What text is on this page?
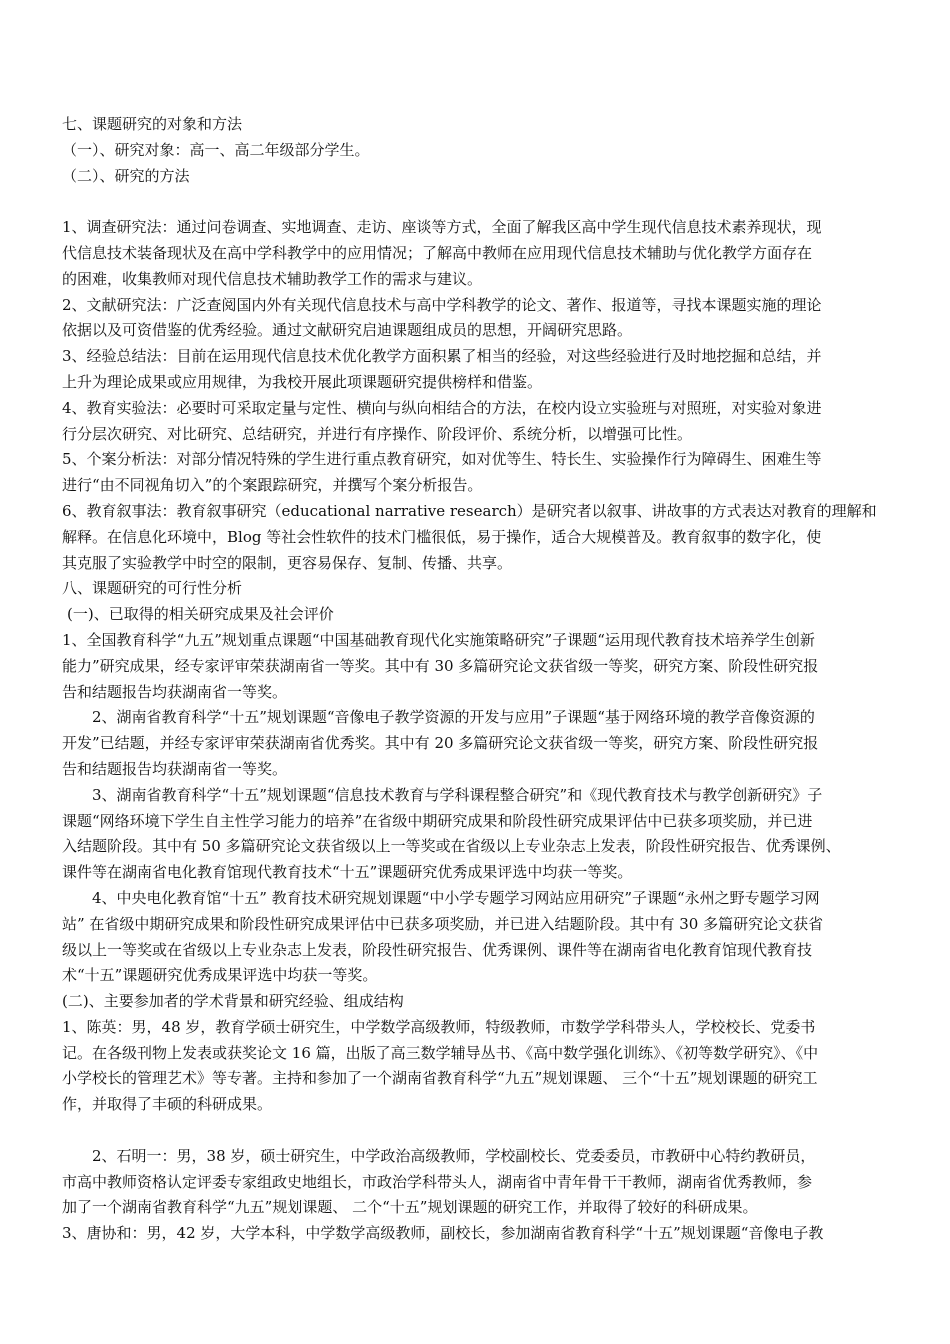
七、课题研究的对象和方法

（一）、研究对象：高一、高二年级部分学生。

（二）、研究的方法

1、调查研究法：通过问卷调查、实地调查、走访、座谈等方式，全面了解我区高中学生现代信息技术素养现状，现

代信息技术装备现状及在高中学科教学中的应用情况；了解高中教师在应用现代信息技术辅助与优化教学方面存在

的困难，收集教师对现代信息技术辅助教学工作的需求与建议。

2、文献研究法：广泛查阅国内外有关现代信息技术与高中学科教学的论文、著作、报道等，寻找本课题实施的理论

依据以及可资借鉴的优秀经验。通过文献研究启迪课题组成员的思想，开阔研究思路。

3、经验总结法：目前在运用现代信息技术优化教学方面积累了相当的经验，对这些经验进行及时地挖掘和总结，并

上升为理论成果或应用规律，为我校开展此项课题研究提供榜样和借鉴。

4、教育实验法：必要时可采取定量与定性、横向与纵向相结合的方法，在校内设立实验班与对照班，对实验对象进

行分层次研究、对比研究、总结研究，并进行有序操作、阶段评价、系统分析，以增强可比性。

5、个案分析法：对部分情况特殊的学生进行重点教育研究，如对优等生、特长生、实验操作行为障碍生、困难生等

进行“由不同视角切入”的个案跟踪研究，并撰写个案分析报告。

6、教育叙事法：教育叙事研究（educational narrative research）是研究者以叙事、讲故事的方式表达对教育的理解和

解释。在信息化环境中，Blog 等社会性软件的技术门槛很低，易于操作，适合大规模普及。教育叙事的数字化，使

其克服了实验教学中时空的限制，更容易保存、复制、传播、共享。

八、课题研究的可行性分析

(一)、已取得的相关研究成果及社会评价

1、全国教育科学“九五”规划重点课题“中国基础教育现代化实施策略研究”子课题“运用现代教育技术培养学生创新

能力”研究成果，经专家评审荣获湖南省一等奖。其中有 30 多篇研究论文获省级一等奖，研究方案、阶段性研究报

告和结题报告均获湖南省一等奖。

2、湖南省教育科学“十五”规划课题“音像电子教学资源的开发与应用”子课题“基于网络环境的教学音像资源的

开发”已结题，并经专家评审荣获湖南省优秀奖。其中有 20 多篇研究论文获省级一等奖，研究方案、阶段性研究报

告和结题报告均获湖南省一等奖。

3、湖南省教育科学“十五”规划课题“信息技术教育与学科课程整合研究”和《现代教育技术与教学创新研究》子

课题“网络环境下学生自主性学习能力的培养”在省级中期研究成果和阶段性研究成果评估中已获多项奖励，并已进

入结题阶段。其中有 50 多篇研究论文获省级以上一等奖或在省级以上专业杂志上发表，阶段性研究报告、优秀课例、

课件等在湖南省电化教育馆现代教育技术“十五”课题研究优秀成果评选中均获一等奖。

4、中央电化教育馆“十五” 教育技术研究规划课题“中小学专题学习网站应用研究”子课题“永州之野专题学习网

站” 在省级中期研究成果和阶段性研究成果评估中已获多项奖励，并已进入结题阶段。其中有 30 多篇研究论文获省

级以上一等奖或在省级以上专业杂志上发表，阶段性研究报告、优秀课例、课件等在湖南省电化教育馆现代教育技

术“十五”课题研究优秀成果评选中均获一等奖。

(二)、主要参加者的学术背景和研究经验、组成结构

1、陈英：男，48 岁，教育学硕士研究生，中学数学高级教师，特级教师，市数学学科带头人，学校校长、党委书

记。在各级刊物上发表或获奖论文 16 篇，出版了高三数学辅导丛书、《高中数学强化训练》、《初等数学研究》、《中

小学校长的管理艺术》等专著。主持和参加了一个湖南省教育科学“九五”规划课题、 三个“十五”规划课题的研究工

作，并取得了丰硕的科研成果。

2、石明一：男，38 岁，硕士研究生，中学政治高级教师，学校副校长、党委委员，市教研中心特约教研员，

市高中教师资格认定评委专家组政史地组长，市政治学科带头人，湖南省中青年骨干干教师，湖南省优秀教师，参

加了一个湖南省教育科学“九五”规划课题、 二个“十五”规划课题的研究工作，并取得了较好的科研成果。

3、唐协和：男，42 岁，大学本科，中学数学高级教师，副校长，参加湖南省教育科学“十五”规划课题“音像电子教
